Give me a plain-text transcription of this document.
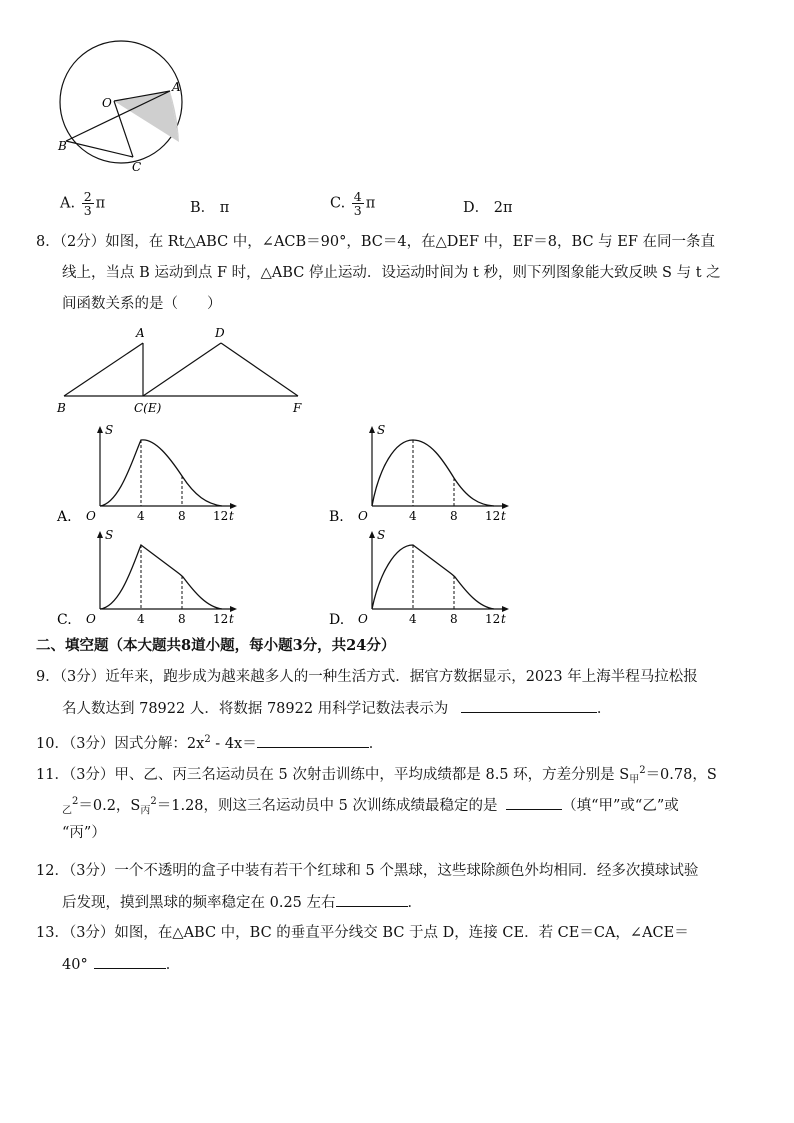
O
A
B
C
A. $\frac{2}{3}$ π	B． π	C. $\frac{4}{3}$ π	D． 2π
8．（2分）如图，在 Rt△ABC 中，∠ACB＝90°，BC＝4，在△DEF 中，EF＝8，BC 与 EF 在同一条直
线上，当点 B 运动到点 F 时，△ABC 停止运动．设运动时间为 t 秒，则下列图象能大致反映 S 与 t 之
间函数关系的是（　　）
A	D
B	C(E)	F
A.
S
O	4	8 12 t	B.
S
O	4	8 12 t
C.
S
O	4	8 12 t	D.
S
O	4	8 12 t
二、填空题（本大题共8道小题，每小题3分，共24分）
9．（3分）近年来，跑步成为越来越多人的一种生活方式．据官方数据显示，2023 年上海半程马拉松报
名人数达到 78922 人．将数据 78922 用科学记数法表示为	．
10．（3分）因式分解：$2x^2 - 4x=$	．
11．（3分）甲、乙、丙三名运动员在 5 次射击训练中，平均成绩都是 8.5 环，方差分别是 $S_甲^2=0.78$，S
$_乙^2$＝0.2，$S_丙^2=1.28$，则这三名运动员中 5 次训练成绩最稳定的是	（填“甲”或“乙”或
“丙”）
12．（3分）一个不透明的盒子中装有若干个红球和 5 个黑球，这些球除颜色外均相同．经多次摸球试验
后发现，摸到黑球的频率稳定在 0.25 左右	．
13．（3分）如图，在△ABC 中，BC 的垂直平分线交 BC 于点 D，连接 CE．若 CE＝CA，∠ACE＝
40°	．
